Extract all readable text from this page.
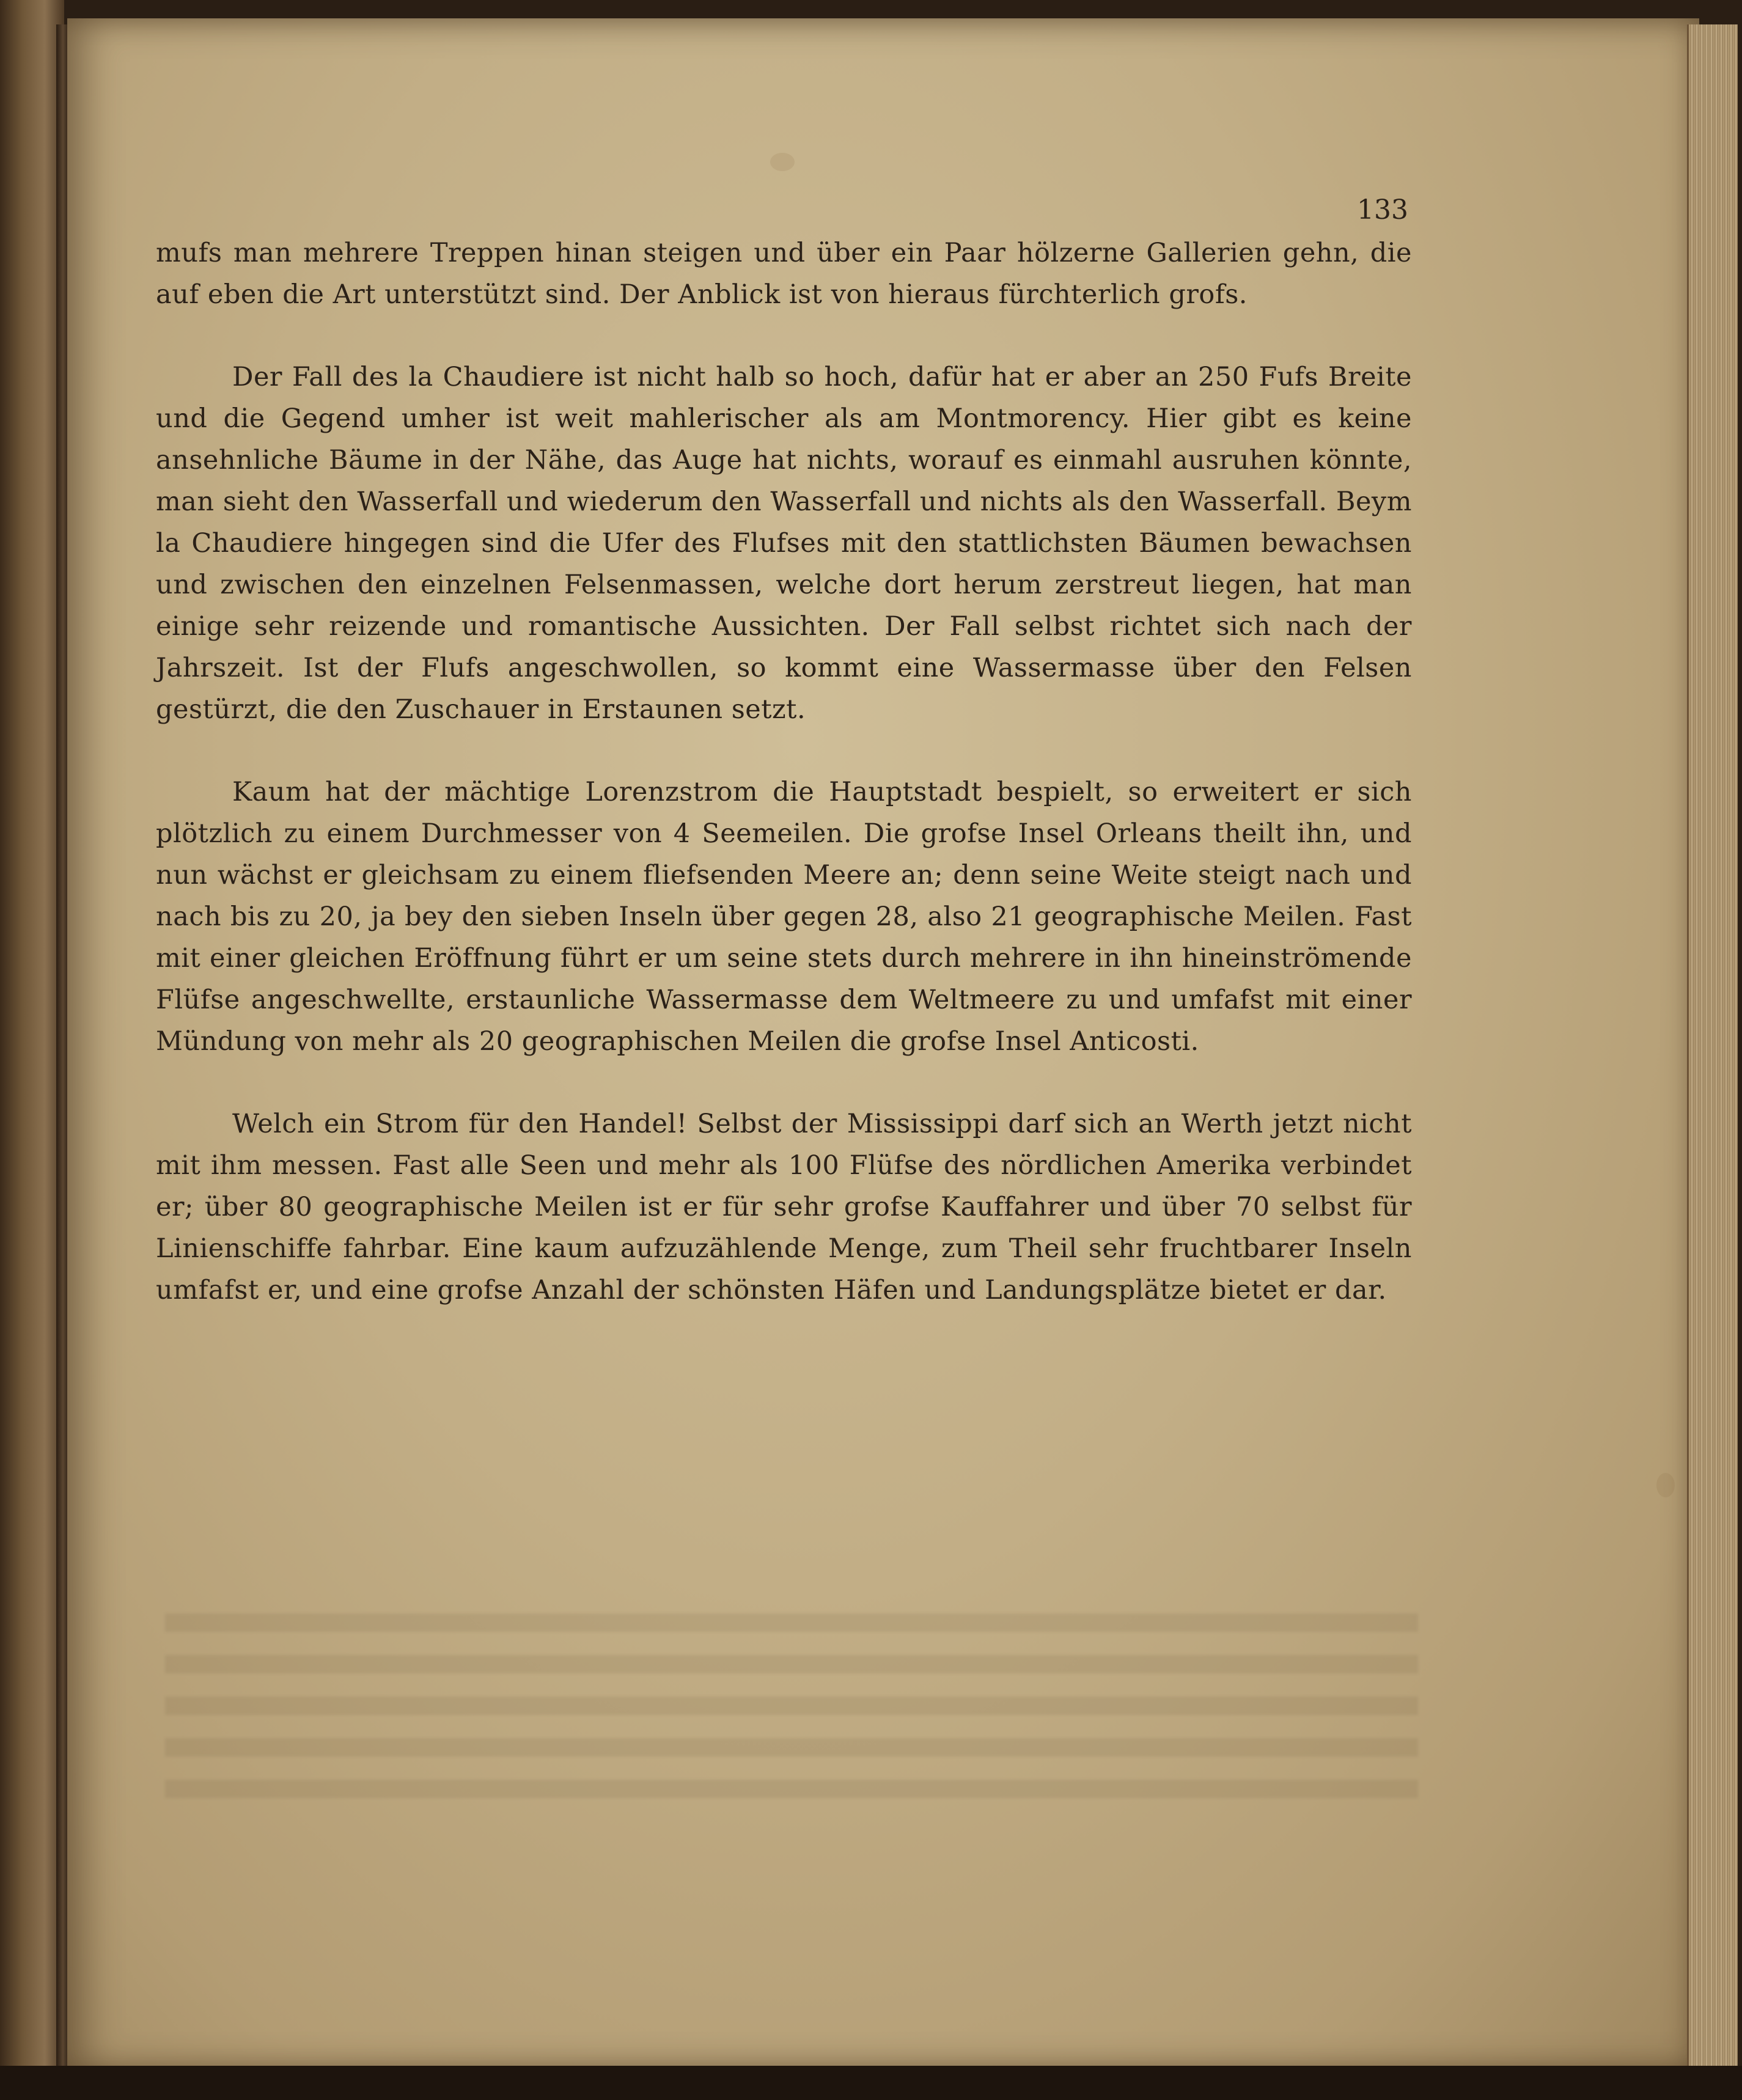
133

mufs man mehrere Treppen hinan steigen und über ein Paar hölzerne Gallerien gehn, die auf eben die Art unterstützt sind. Der Anblick ist von hieraus fürchterlich grofs.

Der Fall des la Chaudiere ist nicht halb so hoch, dafür hat er aber an 250 Fufs Breite und die Gegend umher ist weit mahlerischer als am Montmorency. Hier gibt es keine ansehnliche Bäume in der Nähe, das Auge hat nichts, worauf es einmahl ausruhen könnte, man sieht den Wasserfall und wiederum den Wasserfall und nichts als den Wasserfall. Beym la Chaudiere hingegen sind die Ufer des Flufses mit den stattlichsten Bäumen bewachsen und zwischen den einzelnen Felsenmassen, welche dort herum zerstreut liegen, hat man einige sehr reizende und romantische Aussichten. Der Fall selbst richtet sich nach der Jahrszeit. Ist der Flufs angeschwollen, so kommt eine Wassermasse über den Felsen gestürzt, die den Zuschauer in Erstaunen setzt.

Kaum hat der mächtige Lorenzstrom die Hauptstadt bespielt, so erweitert er sich plötzlich zu einem Durchmesser von 4 Seemeilen. Die grofse Insel Orleans theilt ihn, und nun wächst er gleichsam zu einem fliefsenden Meere an; denn seine Weite steigt nach und nach bis zu 20, ja bey den sieben Inseln über gegen 28, also 21 geographische Meilen. Fast mit einer gleichen Eröffnung führt er um seine stets durch mehrere in ihn hineinströmende Flüfse angeschwellte, erstaunliche Wassermasse dem Weltmeere zu und umfafst mit einer Mündung von mehr als 20 geographischen Meilen die grofse Insel Anticosti.

Welch ein Strom für den Handel! Selbst der Mississippi darf sich an Werth jetzt nicht mit ihm messen. Fast alle Seen und mehr als 100 Flüfse des nördlichen Amerika verbindet er; über 80 geographische Meilen ist er für sehr grofse Kauffahrer und über 70 selbst für Linienschiffe fahrbar. Eine kaum aufzuzählende Menge, zum Theil sehr fruchtbarer Inseln umfafst er, und eine grofse Anzahl der schönsten Häfen und Landungsplätze bietet er dar.
